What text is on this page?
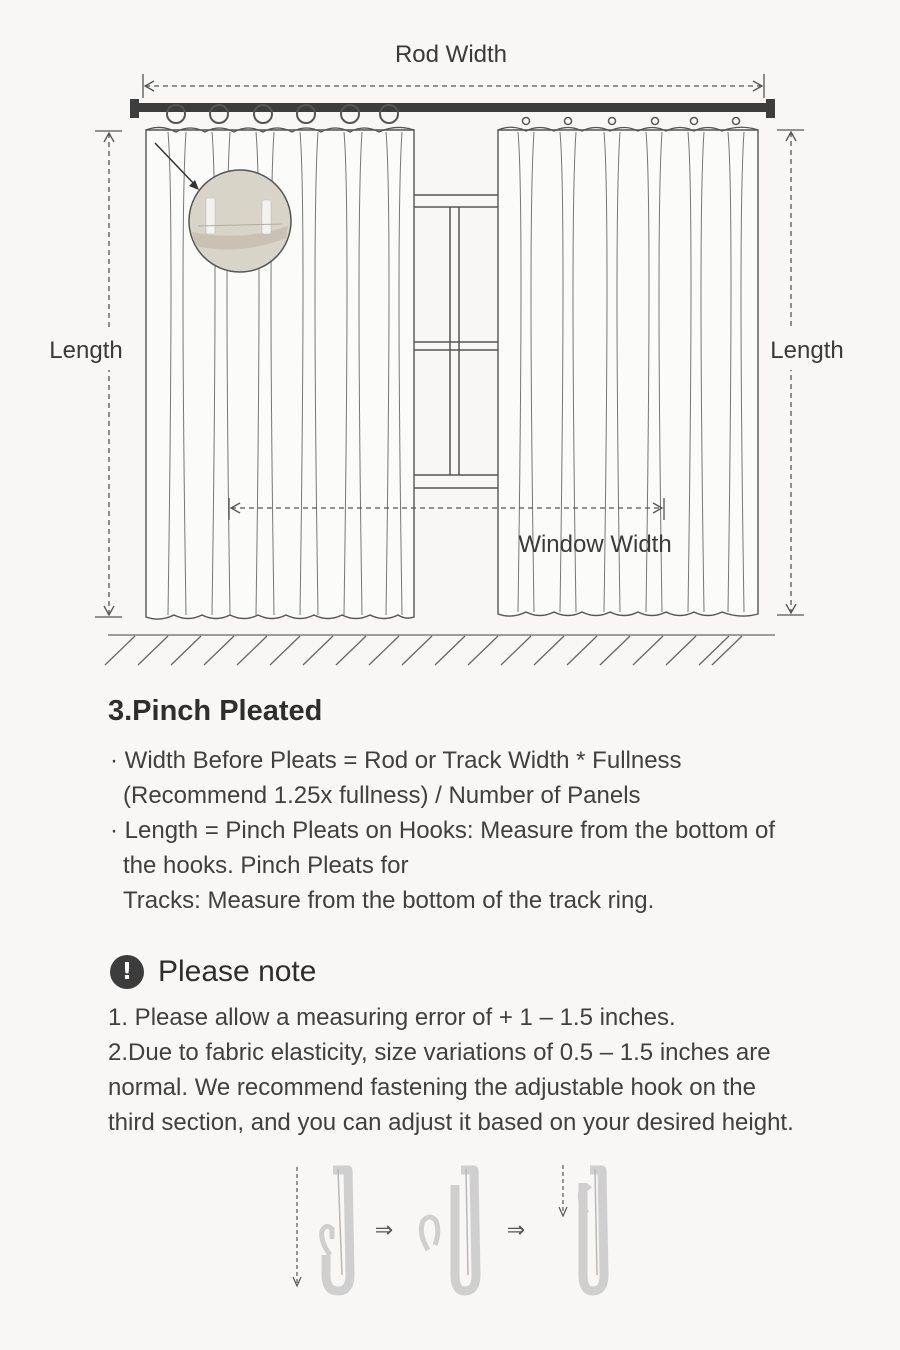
Rod Width
Length	Length
Window Width
3.Pinch Pleated
· Width Before Pleats = Rod or Track Width * Fullness
(Recommend 1.25x fullness) / Number of Panels
· Length = Pinch Pleats on Hooks: Measure from the bottom of
the hooks. Pinch Pleats for
Tracks: Measure from the bottom of the track ring.
! Please note
1. Please allow a measuring error of + 1 – 1.5 inches.
2.Due to fabric elasticity, size variations of 0.5 – 1.5 inches are
normal. We recommend fastening the adjustable hook on the
third section, and you can adjust it based on your desired height.
⇒	⇒
